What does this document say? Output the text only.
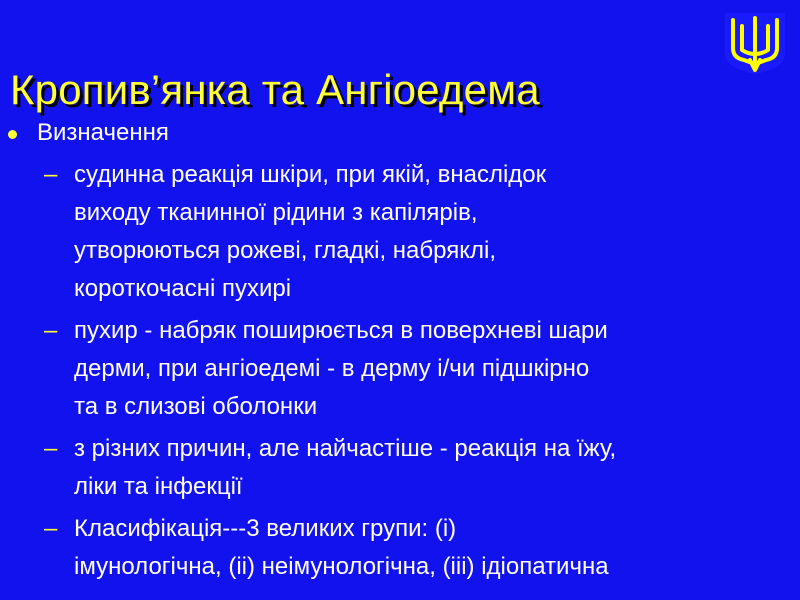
Кропив’янка та Ангіоедема
Визначення
– судинна реакція шкіри, при якій, внаслідок
виходу тканинної рідини з капілярів,
утворюються рожеві, гладкі, набряклі,
короткочасні пухирі
– пухир - набряк поширюється в поверхневі шари
дерми, при ангіоедемі - в дерму і/чи підшкірно
та в слизові оболонки
– з різних причин, але найчастіше - реакція на їжу,
ліки та інфекції
– Класифікація---3 великих групи: (і)
імунологічна, (іі) неімунологічна, (ііі) ідіопатична
